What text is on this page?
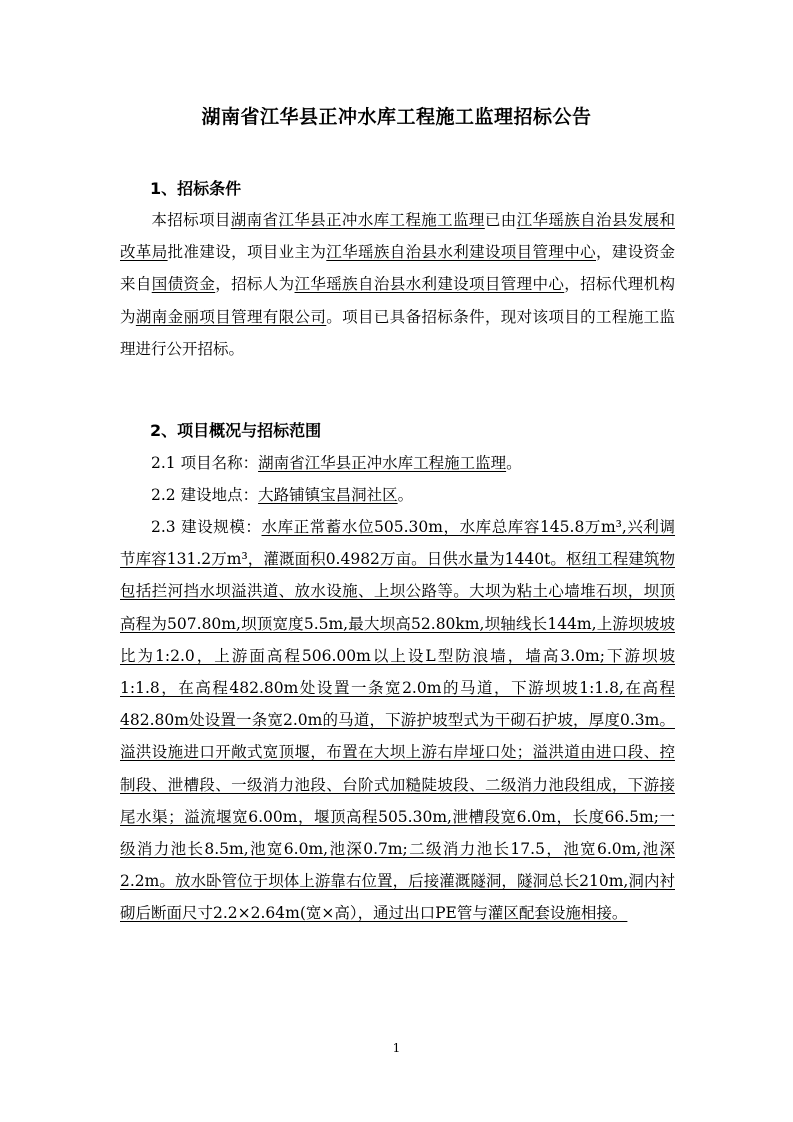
湖南省江华县正冲水库工程施工监理招标公告
1、招标条件
本招标项目湖南省江华县正冲水库工程施工监理已由江华瑶族自治县发展和改革局批准建设，项目业主为江华瑶族自治县水利建设项目管理中心，建设资金来自国债资金，招标人为江华瑶族自治县水利建设项目管理中心，招标代理机构为湖南金丽项目管理有限公司。项目已具备招标条件，现对该项目的工程施工监理进行公开招标。
2、项目概况与招标范围
2.1 项目名称：湖南省江华县正冲水库工程施工监理。
2.2 建设地点：大路铺镇宝昌洞社区。
2.3 建设规模：水库正常蓄水位505.30m，水库总库容145.8万m³,兴利调节库容131.2万m³，灌溉面积0.4982万亩。日供水量为1440t。枢纽工程建筑物包括拦河挡水坝溢洪道、放水设施、上坝公路等。大坝为粘土心墙堆石坝，坝顶高程为507.80m,坝顶宽度5.5m,最大坝高52.80km,坝轴线长144m,上游坝坡坡比为1:2.0，上游面高程506.00m以上设L型防浪墙，墙高3.0m;下游坝坡1:1.8，在高程482.80m处设置一条宽2.0m的马道，下游坝坡1:1.8,在高程482.80m处设置一条宽2.0m的马道，下游护坡型式为干砌石护坡，厚度0.3m。溢洪设施进口开敞式宽顶堰，布置在大坝上游右岸垭口处；溢洪道由进口段、控制段、泄槽段、一级消力池段、台阶式加糙陡坡段、二级消力池段组成，下游接尾水渠；溢流堰宽6.00m，堰顶高程505.30m,泄槽段宽6.0m，长度66.5m;一级消力池长8.5m,池宽6.0m,池深0.7m;二级消力池长17.5，池宽6.0m,池深2.2m。放水卧管位于坝体上游靠右位置，后接灌溉隧洞，隧洞总长210m,洞内衬砌后断面尺寸2.2×2.64m(宽×高），通过出口PE管与灌区配套设施相接。
1
